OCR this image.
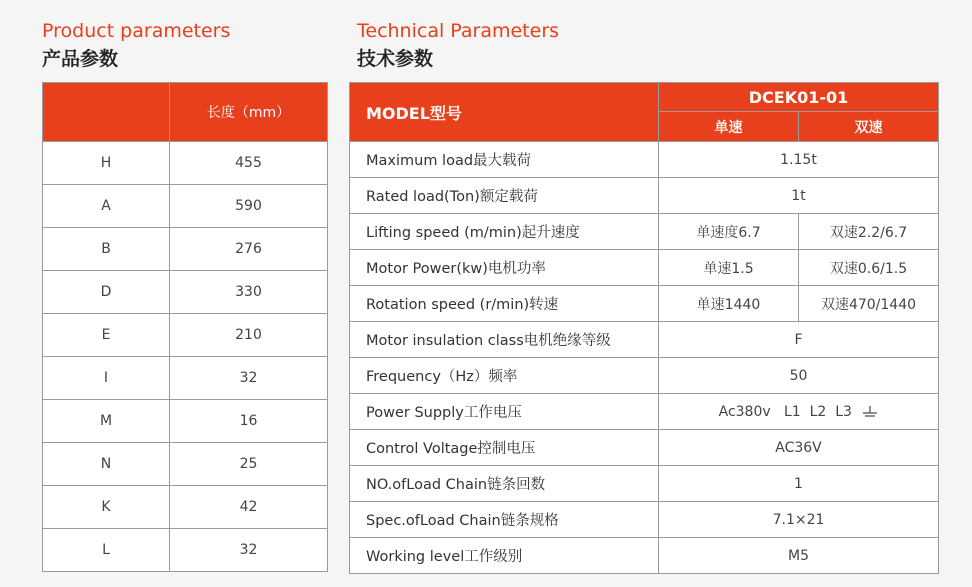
Product parameters
产品参数
Technical Parameters
技术参数
	长度（mm）
H	455
A	590
B	276
D	330
E	210
I	32
M	16
N	25
K	42
L	32
MODEL型号	DCEK01-01	
	单速	双速
Maximum load最大载荷	1.15t	
Rated load(Ton)额定载荷	1t	
Lifting speed (m/min)起升速度	单速度6.7	双速2.2/6.7
Motor Power(kw)电机功率	单速1.5	双速0.6/1.5
Rotation speed (r/min)转速	单速1440	双速470/1440
Motor insulation class电机绝缘等级	F	
Frequency（Hz）频率	50	
Power Supply工作电压	Ac380v   L1  L2  L3	
Control Voltage控制电压	AC36V	
NO.ofLoad Chain链条回数	1	
Spec.ofLoad Chain链条规格	7.1×21	
Working level工作级别	M5	
